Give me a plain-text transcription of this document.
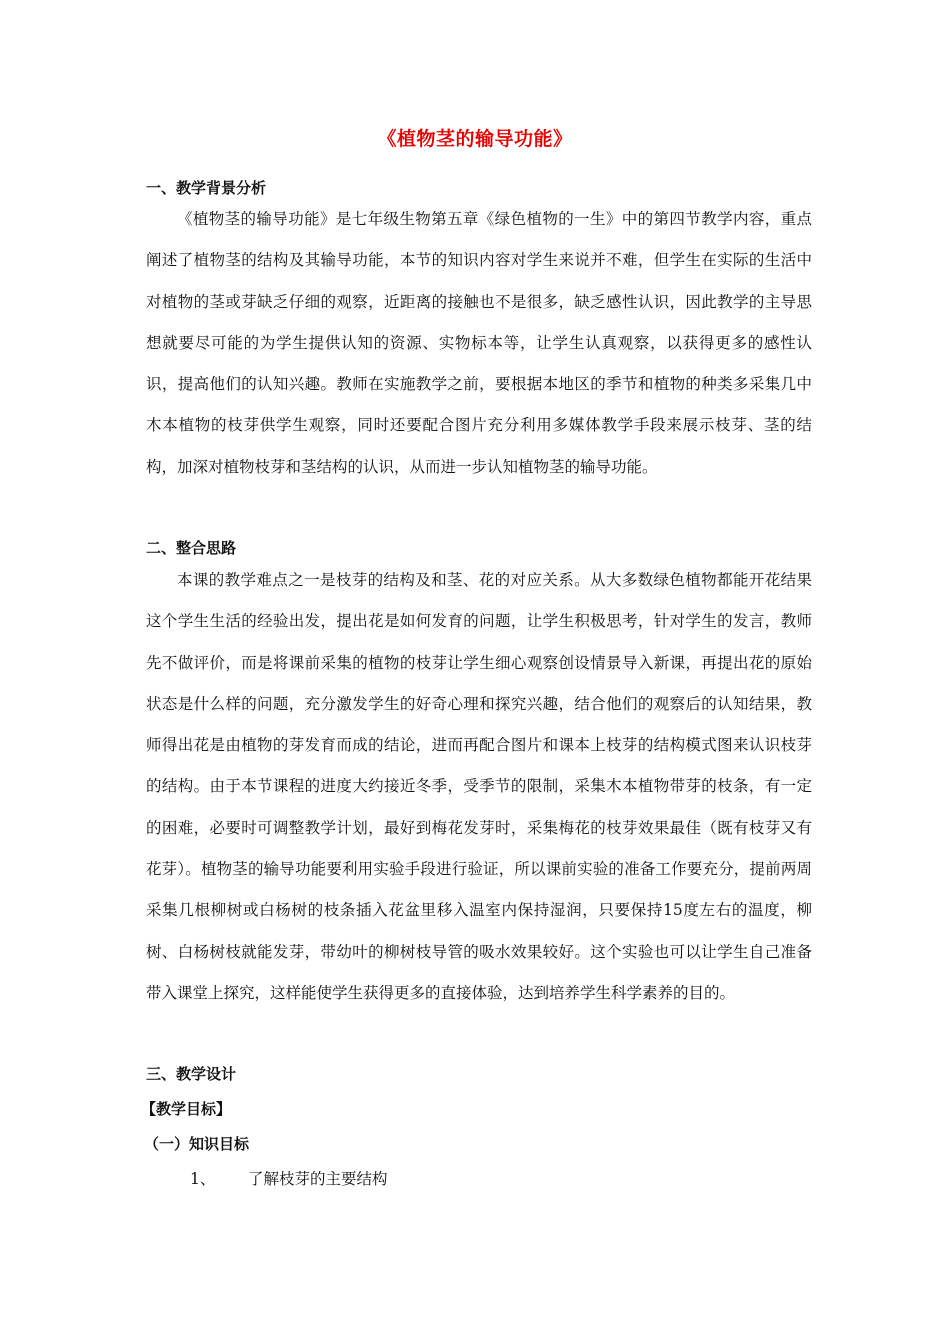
《植物茎的输导功能》
一、教学背景分析
《植物茎的输导功能》是七年级生物第五章《绿色植物的一生》中的第四节教学内容，重点阐述了植物茎的结构及其输导功能，本节的知识内容对学生来说并不难，但学生在实际的生活中对植物的茎或芽缺乏仔细的观察，近距离的接触也不是很多，缺乏感性认识，因此教学的主导思想就要尽可能的为学生提供认知的资源、实物标本等，让学生认真观察，以获得更多的感性认识，提高他们的认知兴趣。教师在实施教学之前，要根据本地区的季节和植物的种类多采集几中木本植物的枝芽供学生观察，同时还要配合图片充分利用多媒体教学手段来展示枝芽、茎的结构，加深对植物枝芽和茎结构的认识，从而进一步认知植物茎的输导功能。
二、整合思路
本课的教学难点之一是枝芽的结构及和茎、花的对应关系。从大多数绿色植物都能开花结果这个学生生活的经验出发，提出花是如何发育的问题，让学生积极思考，针对学生的发言，教师先不做评价，而是将课前采集的植物的枝芽让学生细心观察创设情景导入新课，再提出花的原始状态是什么样的问题，充分激发学生的好奇心理和探究兴趣，结合他们的观察后的认知结果，教师得出花是由植物的芽发育而成的结论，进而再配合图片和课本上枝芽的结构模式图来认识枝芽的结构。由于本节课程的进度大约接近冬季，受季节的限制，采集木本植物带芽的枝条，有一定的困难，必要时可调整教学计划，最好到梅花发芽时，采集梅花的枝芽效果最佳（既有枝芽又有花芽）。植物茎的输导功能要利用实验手段进行验证，所以课前实验的准备工作要充分，提前两周采集几根柳树或白杨树的枝条插入花盆里移入温室内保持湿润，只要保持15度左右的温度，柳树、白杨树枝就能发芽，带幼叶的柳树枝导管的吸水效果较好。这个实验也可以让学生自己准备带入课堂上探究，这样能使学生获得更多的直接体验，达到培养学生科学素养的目的。
三、教学设计
【教学目标】
（一）知识目标
1、 了解枝芽的主要结构
